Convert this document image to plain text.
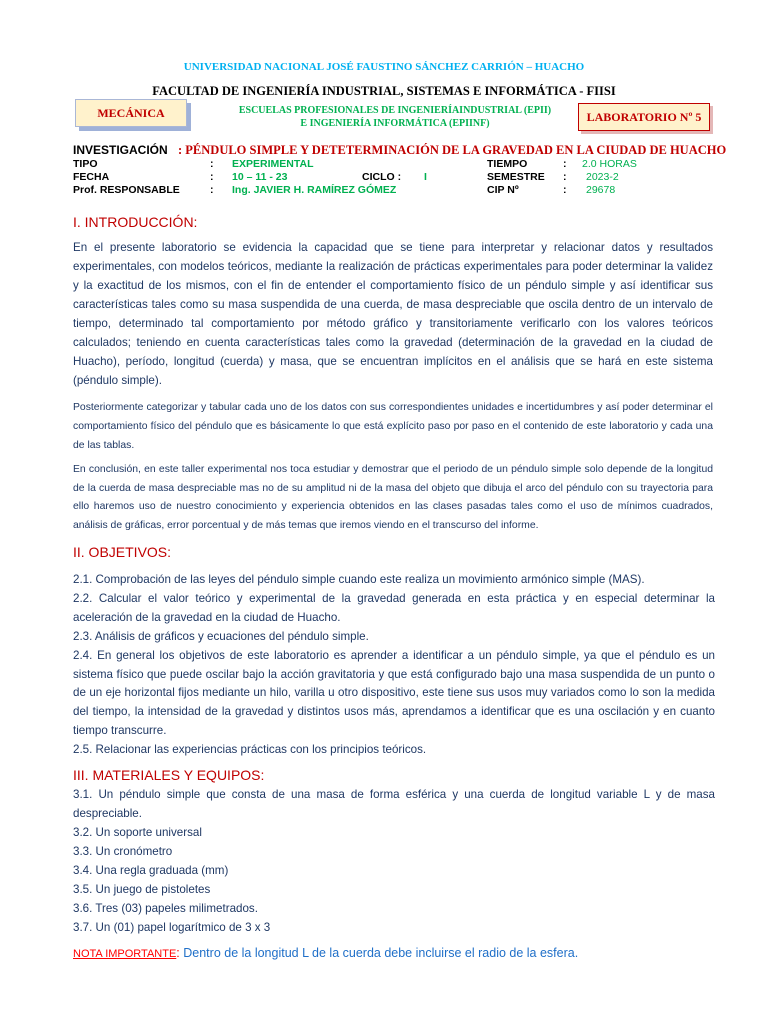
UNIVERSIDAD NACIONAL JOSÉ FAUSTINO SÁNCHEZ CARRIÓN – HUACHO
FACULTAD DE INGENIERÍA INDUSTRIAL, SISTEMAS E INFORMÁTICA - FIISI
MECÁNICA	ESCUELAS PROFESIONALES DE INGENIERÍAINDUSTRIAL (EPII)
E INGENIERÍA INFORMÁTICA (EPIINF)	LABORATORIO Nº 5
INVESTIGACIÓN : PÉNDULO SIMPLE Y DETETERMINACIÓN DE LA GRAVEDAD EN LA CIUDAD DE HUACHO
TIPO	: EXPERIMENTAL	TIEMPO	: 2.0 HORAS
FECHA	: 10 – 11 - 23	CICLO : I	SEMESTRE : 2023-2
Prof. RESPONSABLE	: Ing. JAVIER H. RAMÍREZ GÓMEZ	CIP Nº	: 29678
I. INTRODUCCIÓN:

En el presente laboratorio se evidencia la capacidad que se tiene para interpretar y relacionar datos y resultados experimentales, con modelos teóricos, mediante la realización de prácticas experimentales para poder determinar la validez y la exactitud de los mismos, con el fin de entender el comportamiento físico de un péndulo simple y así identificar sus características tales como su masa suspendida de una cuerda, de masa despreciable que oscila dentro de un intervalo de tiempo, determinado tal comportamiento por método gráfico y transitoriamente verificarlo con los valores teóricos calculados; teniendo en cuenta características tales como la gravedad (determinación de la gravedad en la ciudad de Huacho), período, longitud (cuerda) y masa, que se encuentran implícitos en el análisis que se hará en este sistema (péndulo simple).

Posteriormente categorizar y tabular cada uno de los datos con sus correspondientes unidades e incertidumbres y así poder determinar el comportamiento físico del péndulo que es básicamente lo que está explícito paso por paso en el contenido de este laboratorio y cada una de las tablas.

En conclusión, en este taller experimental nos toca estudiar y demostrar que el periodo de un péndulo simple solo depende de la longitud de la cuerda de masa despreciable mas no de su amplitud ni de la masa del objeto que dibuja el arco del péndulo con su trayectoria para ello haremos uso de nuestro conocimiento y experiencia obtenidos en las clases pasadas tales como el uso de mínimos cuadrados, análisis de gráficas, error porcentual y de más temas que iremos viendo en el transcurso del informe.

II. OBJETIVOS:
2.1. Comprobación de las leyes del péndulo simple cuando este realiza un movimiento armónico simple (MAS).
2.2. Calcular el valor teórico y experimental de la gravedad generada en esta práctica y en especial determinar la aceleración de la gravedad en la ciudad de Huacho.
2.3. Análisis de gráficos y ecuaciones del péndulo simple.
2.4. En general los objetivos de este laboratorio es aprender a identificar a un péndulo simple, ya que el péndulo es un sistema físico que puede oscilar bajo la acción gravitatoria y que está configurado bajo una masa suspendida de un punto o de un eje horizontal fijos mediante un hilo, varilla u otro dispositivo, este tiene sus usos muy variados como lo son la medida del tiempo, la intensidad de la gravedad y distintos usos más, aprendamos a identificar que es una oscilación y en cuanto tiempo transcurre.
2.5. Relacionar las experiencias prácticas con los principios teóricos.
III. MATERIALES Y EQUIPOS:
3.1. Un péndulo simple que consta de una masa de forma esférica y una cuerda de longitud variable L y de masa despreciable.
3.2. Un soporte universal
3.3. Un cronómetro
3.4. Una regla graduada (mm)
3.5. Un juego de pistoletes
3.6. Tres (03) papeles milimetrados.
3.7. Un (01) papel logarítmico de 3 x 3
NOTA IMPORTANTE: Dentro de la longitud L de la cuerda debe incluirse el radio de la esfera.
